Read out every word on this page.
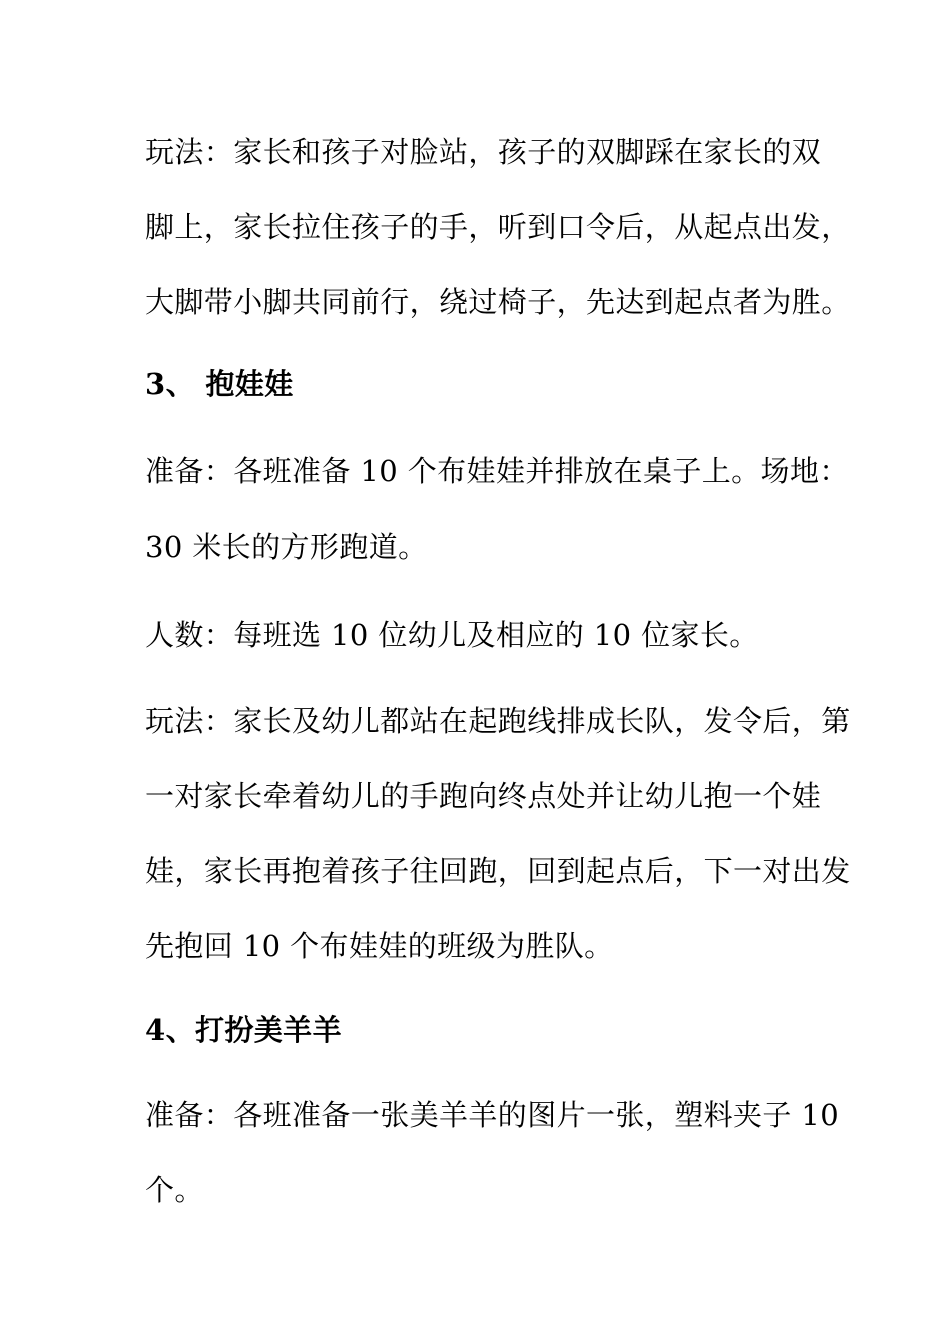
玩法：家长和孩子对脸站，孩子的双脚踩在家长的双
脚上，家长拉住孩子的手，听到口令后，从起点出发，
大脚带小脚共同前行，绕过椅子，先达到起点者为胜。
3、 抱娃娃
准备：各班准备 10 个布娃娃并排放在桌子上。场地：
30 米长的方形跑道。
人数：每班选 10 位幼儿及相应的 10 位家长。
玩法：家长及幼儿都站在起跑线排成长队，发令后，第
一对家长牵着幼儿的手跑向终点处并让幼儿抱一个娃
娃，家长再抱着孩子往回跑，回到起点后，下一对出发
先抱回 10 个布娃娃的班级为胜队。
4、打扮美羊羊
准备：各班准备一张美羊羊的图片一张，塑料夹子 10
个。
